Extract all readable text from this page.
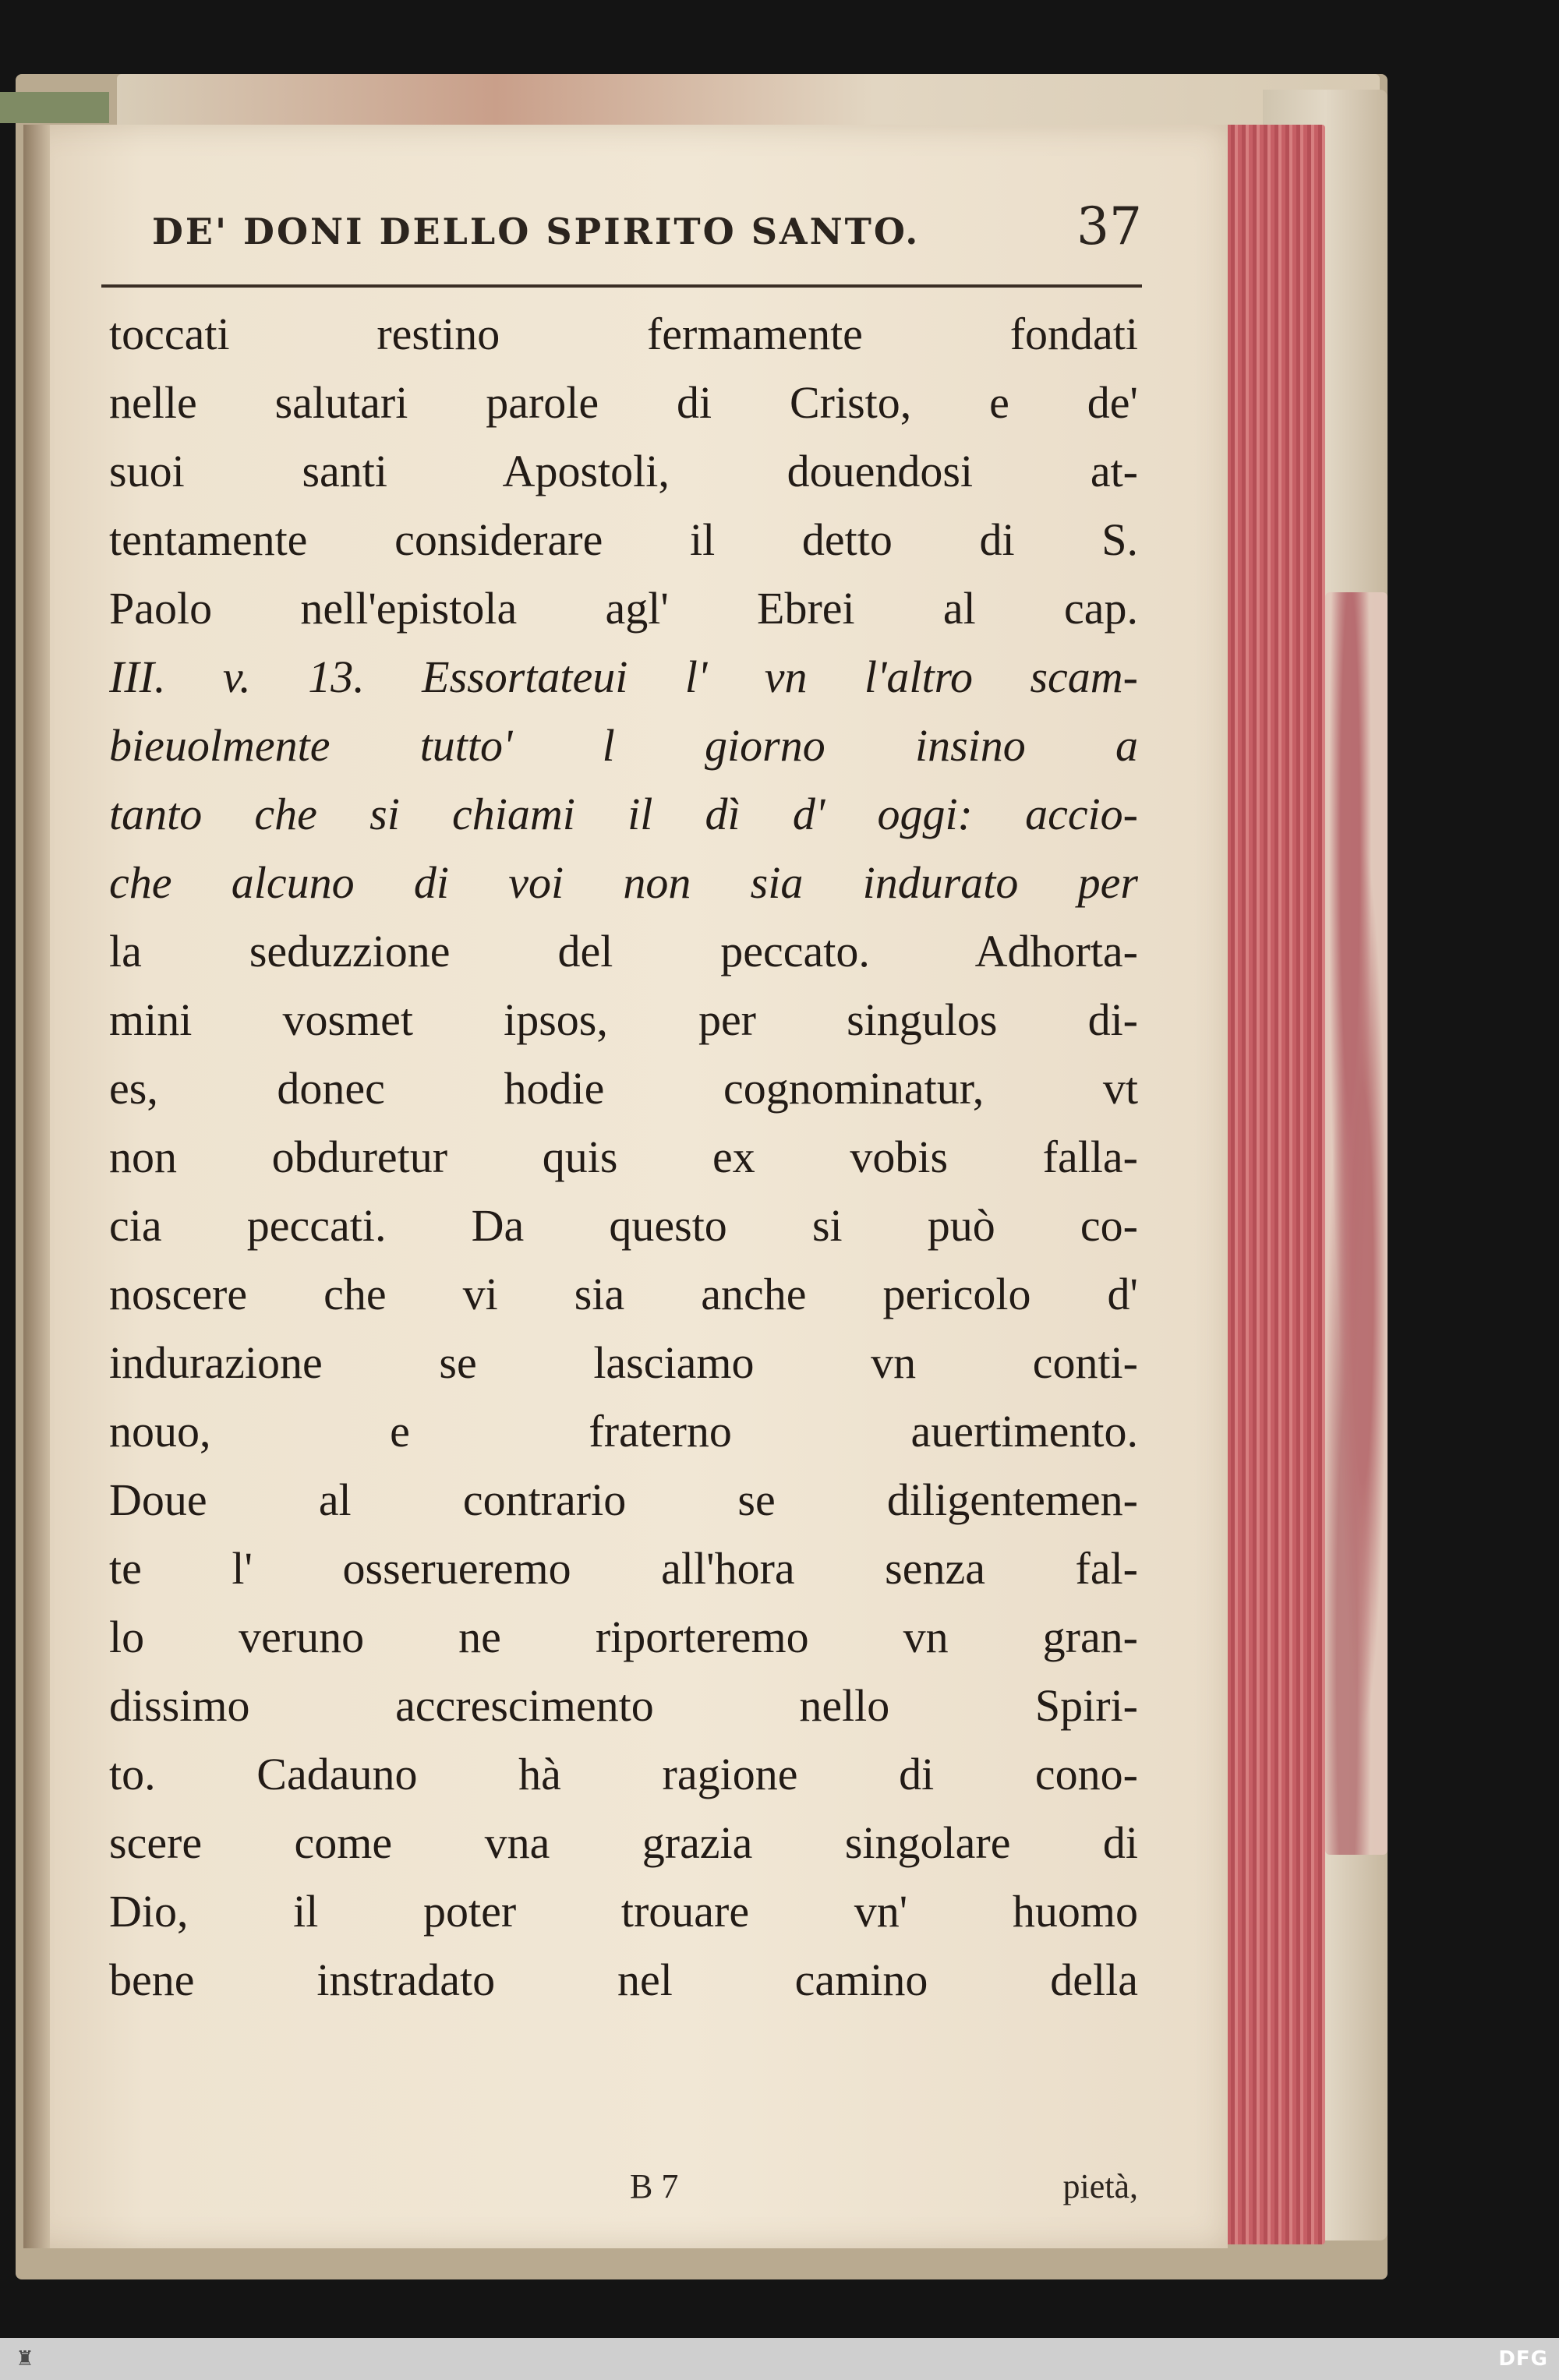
DE' DONI DELLO SPIRITO SANTO.	37
toccati restino fermamente fondati
nelle salutari parole di Cristo, e de'
suoi santi Apostoli, douendosi at-
tentamente considerare il detto di S.
Paolo nell'epistola agl' Ebrei al cap.
III. v. 13. Essortateui l' vn l'altro scam-
bieuolmente tutto' l giorno insino a
tanto che si chiami il dì d' oggi: accio-
che alcuno di voi non sia indurato per
la seduzzione del peccato. Adhorta-
mini vosmet ipsos, per singulos di-
es, donec hodie cognominatur, vt
non obduretur quis ex vobis falla-
cia peccati. Da questo si può co-
noscere che vi sia anche pericolo d'
indurazione se lasciamo vn conti-
nouo, e fraterno auertimento.
Doue al contrario se diligentemen-
te l' osserueremo all'hora senza fal-
lo veruno ne riporteremo vn gran-
dissimo accrescimento nello Spiri-
to. Cadauno hà ragione di cono-
scere come vna grazia singolare di
Dio, il poter trouare vn' huomo
bene instradato nel camino della
B 7	pietà,
♜	DFG
